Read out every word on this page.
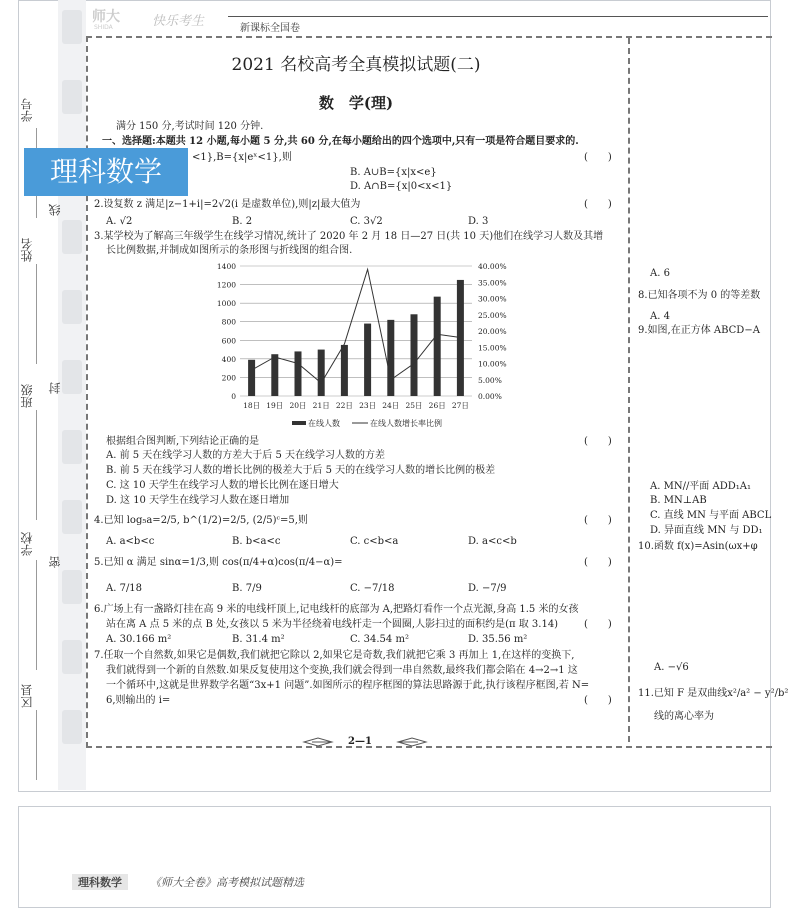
学号
姓名
班级
学校
区县
线
封
密
师大
SHIDA	快乐考生	新课标全国卷
理科数学
2021 名校高考全真模拟试题(二)
数　学(理)
满分 150 分,考试时间 120 分钟.
一、选择题:本题共 12 小题,每小题 5 分,共 60 分,在每小题给出的四个选项中,只有一项是符合题目要求的.
<1},B={x|eˣ<1},则	(　　)
B. A∪B={x|x<e}
D. A∩B={x|0<x<1}
2.设复数 z 满足|z−1+i|=2√2(i 是虚数单位),则|z|最大值为	(　　)
A. √2	B. 2	C. 3√2	D. 3
3.某学校为了解高三年级学生在线学习情况,统计了 2020 年 2 月 18 日—27 日(共 10 天)他们在线学习人数及其增
长比例数据,并制成如图所示的条形图与折线图的组合图.
1400
1200
1000
800
600
400
200
0
40.00%
35.00%
30.00%
25.00%
20.00%
15.00%
10.00%
5.00%
0.00%
18日 19日 20日 21日 22日 23日 24日 25日 26日 27日
在线人数	在线人数增长率比例
根据组合图判断,下列结论正确的是	(　　)
A. 前 5 天在线学习人数的方差大于后 5 天在线学习人数的方差
B. 前 5 天在线学习人数的增长比例的极差大于后 5 天的在线学习人数的增长比例的极差
C. 这 10 天学生在线学习人数的增长比例在逐日增大
D. 这 10 天学生在线学习人数在逐日增加
4.已知 log₅a=2/5, b^(1/2)=2/5, (2/5)ᶜ=5,则	(　　)
A. a<b<c	B. b<a<c	C. c<b<a	D. a<c<b
5.已知 α 满足 sinα=1/3,则 cos(π/4+α)cos(π/4−α)=	(　　)
A. 7/18	B. 7/9	C. −7/18	D. −7/9
6.广场上有一盏路灯挂在高 9 米的电线杆顶上,记电线杆的底部为 A,把路灯看作一个点光源,身高 1.5 米的女孩
站在离 A 点 5 米的点 B 处,女孩以 5 米为半径绕着电线杆走一个圆圈,人影扫过的面积约是(π 取 3.14)	(　　)
A. 30.166 m²	B. 31.4 m²	C. 34.54 m²	D. 35.56 m²
7.任取一个自然数,如果它是偶数,我们就把它除以 2,如果它是奇数,我们就把它乘 3 再加上 1,在这样的变换下,
我们就得到一个新的自然数.如果反复使用这个变换,我们就会得到一串自然数,最终我们都会陷在 4→2→1 这
一个循环中,这就是世界数学名题“3x+1 问题”.如图所示的程序框图的算法思路源于此,执行该程序框图,若 N=
6,则输出的 i=	(　　)
2—1
A. 6
8.已知各项不为 0 的等差数
A. 4
9.如图,在正方体 ABCD−A
A. MN//平面 ADD₁A₁
B. MN⊥AB
C. 直线 MN 与平面 ABCL
D. 异面直线 MN 与 DD₁
10.函数 f(x)=Asin(ωx+φ
A. −√6
11.已知 F 是双曲线x²/a² − y²/b²
线的离心率为
理科数学	《师大全卷》高考模拟试题精选
